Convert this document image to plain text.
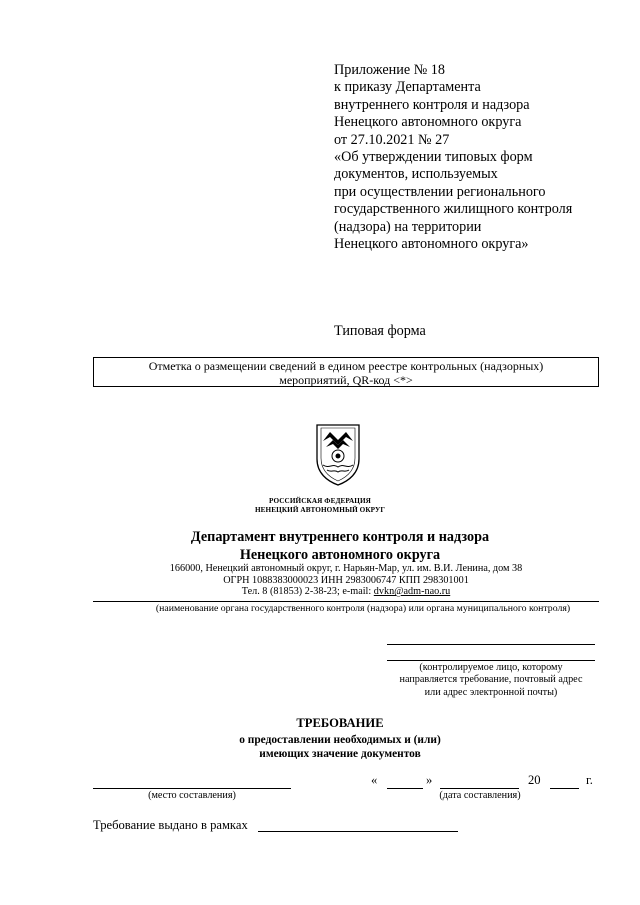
Приложение № 18
к приказу Департамента
внутреннего контроля и надзора
Ненецкого автономного округа
от 27.10.2021 № 27
«Об утверждении типовых форм
документов, используемых
при осуществлении регионального
государственного жилищного контроля
(надзора) на территории
Ненецкого автономного округа»
Типовая форма
Отметка о размещении сведений в едином реестре контрольных (надзорных)
мероприятий, QR-код <*>
РОССИЙСКАЯ ФЕДЕРАЦИЯ
НЕНЕЦКИЙ АВТОНОМНЫЙ ОКРУГ
Департамент внутреннего контроля и надзора
Ненецкого автономного округа
166000, Ненецкий автономный округ, г. Нарьян-Мар, ул. им. В.И. Ленина, дом 38
ОГРН 1088383000023 ИНН 2983006747 КПП 298301001
Тел. 8 (81853) 2-38-23; e-mail: dvkn@adm-nao.ru
(наименование органа государственного контроля (надзора) или органа муниципального контроля)
(контролируемое лицо, которому
направляется требование, почтовый адрес
или адрес электронной почты)
ТРЕБОВАНИЕ
о предоставлении необходимых и (или)
имеющих значение документов
(место составления)
«	»	20	г.
(дата составления)
Требование выдано в рамках
